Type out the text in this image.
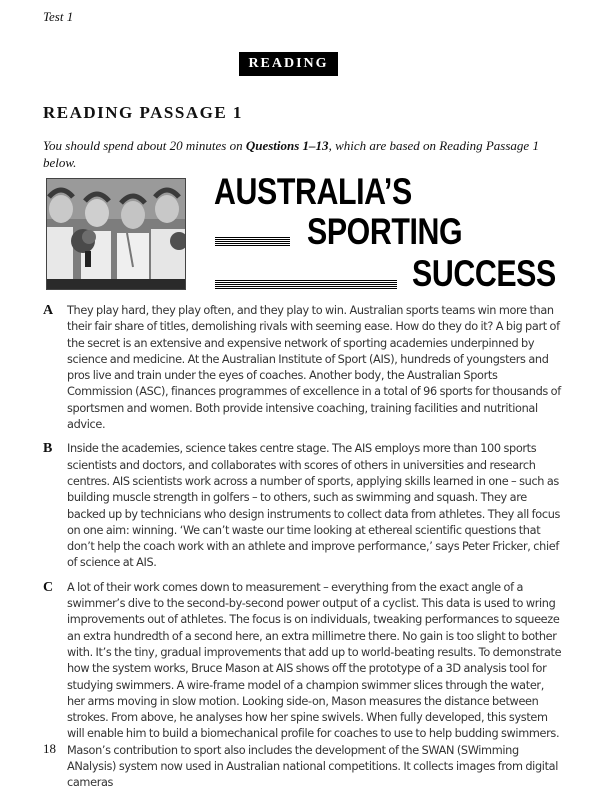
Test 1
READING
READING PASSAGE 1
You should spend about 20 minutes on Questions 1–13, which are based on Reading Passage 1 below.
AUSTRALIA’S
SPORTING
SUCCESS
A They play hard, they play often, and they play to win. Australian sports teams win more than their fair share of titles, demolishing rivals with seeming ease. How do they do it? A big part of the secret is an extensive and expensive network of sporting academies underpinned by science and medicine. At the Australian Institute of Sport (AIS), hundreds of youngsters and pros live and train under the eyes of coaches. Another body, the Australian Sports Commission (ASC), finances programmes of excellence in a total of 96 sports for thousands of sportsmen and women. Both provide intensive coaching, training facilities and nutritional advice.
B Inside the academies, science takes centre stage. The AIS employs more than 100 sports scientists and doctors, and collaborates with scores of others in universities and research centres. AIS scientists work across a number of sports, applying skills learned in one – such as building muscle strength in golfers – to others, such as swimming and squash. They are backed up by technicians who design instruments to collect data from athletes. They all focus on one aim: winning. ‘We can’t waste our time looking at ethereal scientific questions that don’t help the coach work with an athlete and improve performance,’ says Peter Fricker, chief of science at AIS.
C A lot of their work comes down to measurement – everything from the exact angle of a swimmer’s dive to the second-by-second power output of a cyclist. This data is used to wring improvements out of athletes. The focus is on individuals, tweaking performances to squeeze an extra hundredth of a second here, an extra millimetre there. No gain is too slight to bother with. It’s the tiny, gradual improvements that add up to world-beating results. To demonstrate how the system works, Bruce Mason at AIS shows off the prototype of a 3D analysis tool for studying swimmers. A wire-frame model of a champion swimmer slices through the water, her arms moving in slow motion. Looking side-on, Mason measures the distance between strokes. From above, he analyses how her spine swivels. When fully developed, this system will enable him to build a biomechanical profile for coaches to use to help budding swimmers. Mason’s contribution to sport also includes the development of the SWAN (SWimming ANalysis) system now used in Australian national competitions. It collects images from digital cameras
18
